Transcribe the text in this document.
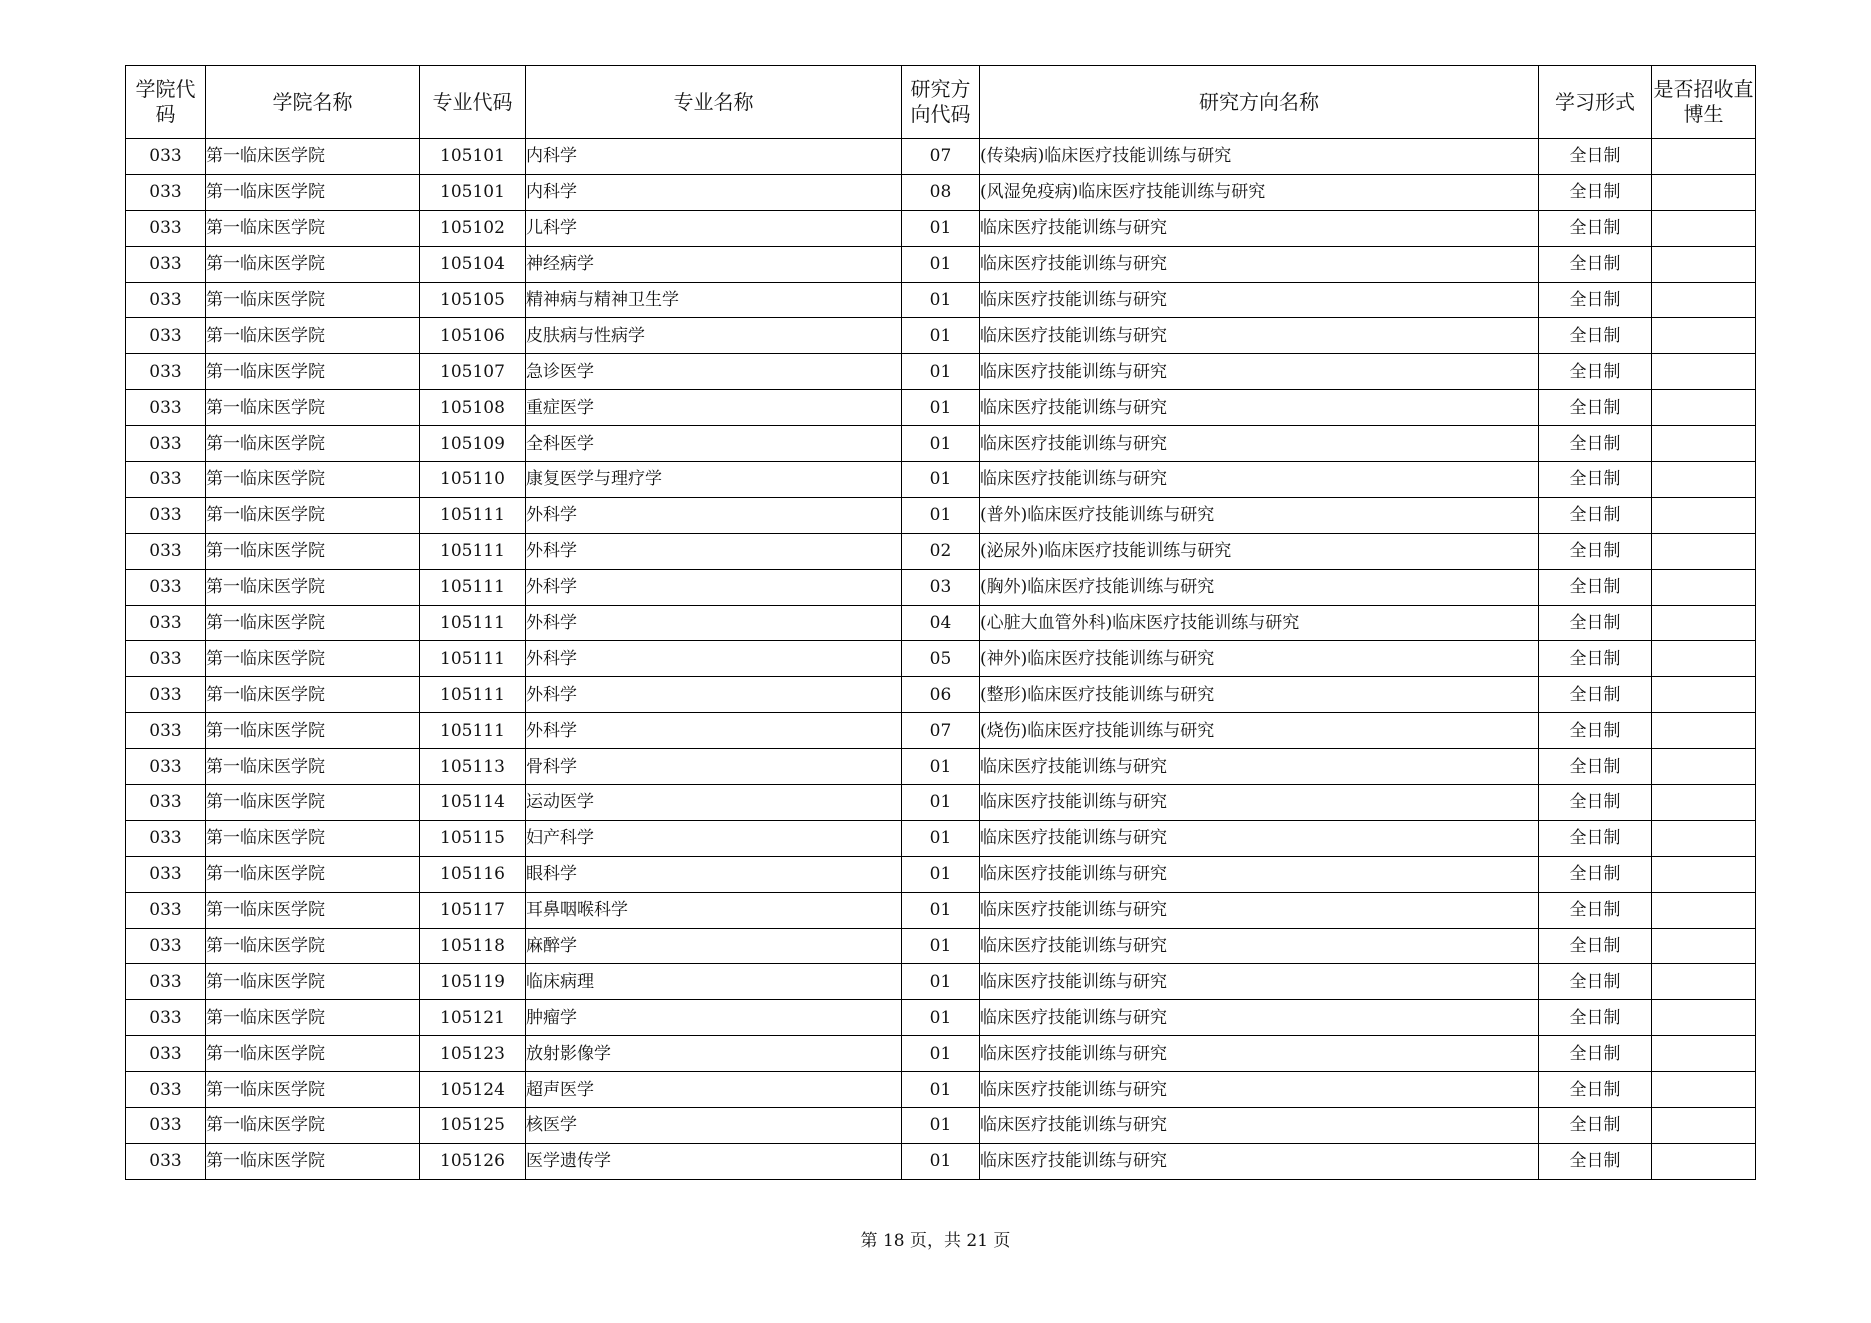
学院代码	学院名称	专业代码	专业名称	研究方向代码	研究方向名称	学习形式	是否招收直博生
033	第一临床医学院	105101	内科学	07	(传染病)临床医疗技能训练与研究	全日制	
033	第一临床医学院	105101	内科学	08	(风湿免疫病)临床医疗技能训练与研究	全日制	
033	第一临床医学院	105102	儿科学	01	临床医疗技能训练与研究	全日制	
033	第一临床医学院	105104	神经病学	01	临床医疗技能训练与研究	全日制	
033	第一临床医学院	105105	精神病与精神卫生学	01	临床医疗技能训练与研究	全日制	
033	第一临床医学院	105106	皮肤病与性病学	01	临床医疗技能训练与研究	全日制	
033	第一临床医学院	105107	急诊医学	01	临床医疗技能训练与研究	全日制	
033	第一临床医学院	105108	重症医学	01	临床医疗技能训练与研究	全日制	
033	第一临床医学院	105109	全科医学	01	临床医疗技能训练与研究	全日制	
033	第一临床医学院	105110	康复医学与理疗学	01	临床医疗技能训练与研究	全日制	
033	第一临床医学院	105111	外科学	01	(普外)临床医疗技能训练与研究	全日制	
033	第一临床医学院	105111	外科学	02	(泌尿外)临床医疗技能训练与研究	全日制	
033	第一临床医学院	105111	外科学	03	(胸外)临床医疗技能训练与研究	全日制	
033	第一临床医学院	105111	外科学	04	(心脏大血管外科)临床医疗技能训练与研究	全日制	
033	第一临床医学院	105111	外科学	05	(神外)临床医疗技能训练与研究	全日制	
033	第一临床医学院	105111	外科学	06	(整形)临床医疗技能训练与研究	全日制	
033	第一临床医学院	105111	外科学	07	(烧伤)临床医疗技能训练与研究	全日制	
033	第一临床医学院	105113	骨科学	01	临床医疗技能训练与研究	全日制	
033	第一临床医学院	105114	运动医学	01	临床医疗技能训练与研究	全日制	
033	第一临床医学院	105115	妇产科学	01	临床医疗技能训练与研究	全日制	
033	第一临床医学院	105116	眼科学	01	临床医疗技能训练与研究	全日制	
033	第一临床医学院	105117	耳鼻咽喉科学	01	临床医疗技能训练与研究	全日制	
033	第一临床医学院	105118	麻醉学	01	临床医疗技能训练与研究	全日制	
033	第一临床医学院	105119	临床病理	01	临床医疗技能训练与研究	全日制	
033	第一临床医学院	105121	肿瘤学	01	临床医疗技能训练与研究	全日制	
033	第一临床医学院	105123	放射影像学	01	临床医疗技能训练与研究	全日制	
033	第一临床医学院	105124	超声医学	01	临床医疗技能训练与研究	全日制	
033	第一临床医学院	105125	核医学	01	临床医疗技能训练与研究	全日制	
033	第一临床医学院	105126	医学遗传学	01	临床医疗技能训练与研究	全日制	
第 18 页，共 21 页
